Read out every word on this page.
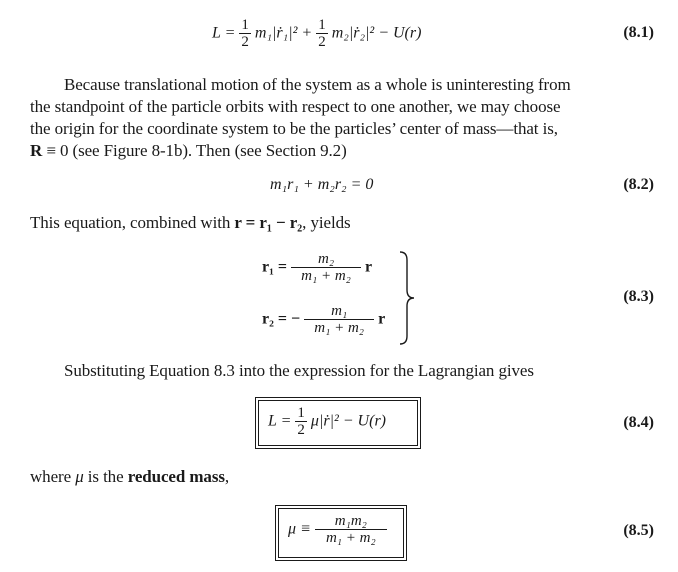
$L = \frac{1}{2}$ m₁|ṙ₁|² + $\frac{1}{2}$ m₂|ṙ₂|² − U(r)	(8.1)

Because translational motion of the system as a whole is uninteresting from

the standpoint of the particle orbits with respect to one another, we may choose

the origin for the coordinate system to be the particles’ center of mass—that is,

R ≡ 0 (see Figure 8-1b). Then (see Section 9.2)

m₁r₁ + m₂r₂ = 0	(8.2)

This equation, combined with r = r₁ − r₂, yields

$r_1 = \frac{\text{m₂}}{\text{m₁ + m₂}}$ r
r₂ = − $\frac{\text{m₁}}{\text{m₁ + m₂}}$ r
(8.3)

Substituting Equation 8.3 into the expression for the Lagrangian gives

$L = \frac{1}{2}$ μ|ṙ|² − U(r)	(8.4)

where μ is the reduced mass,

$\mu \equiv \frac{\text{m₁m₂}}{\text{m₁ + m₂}}$	(8.5)
